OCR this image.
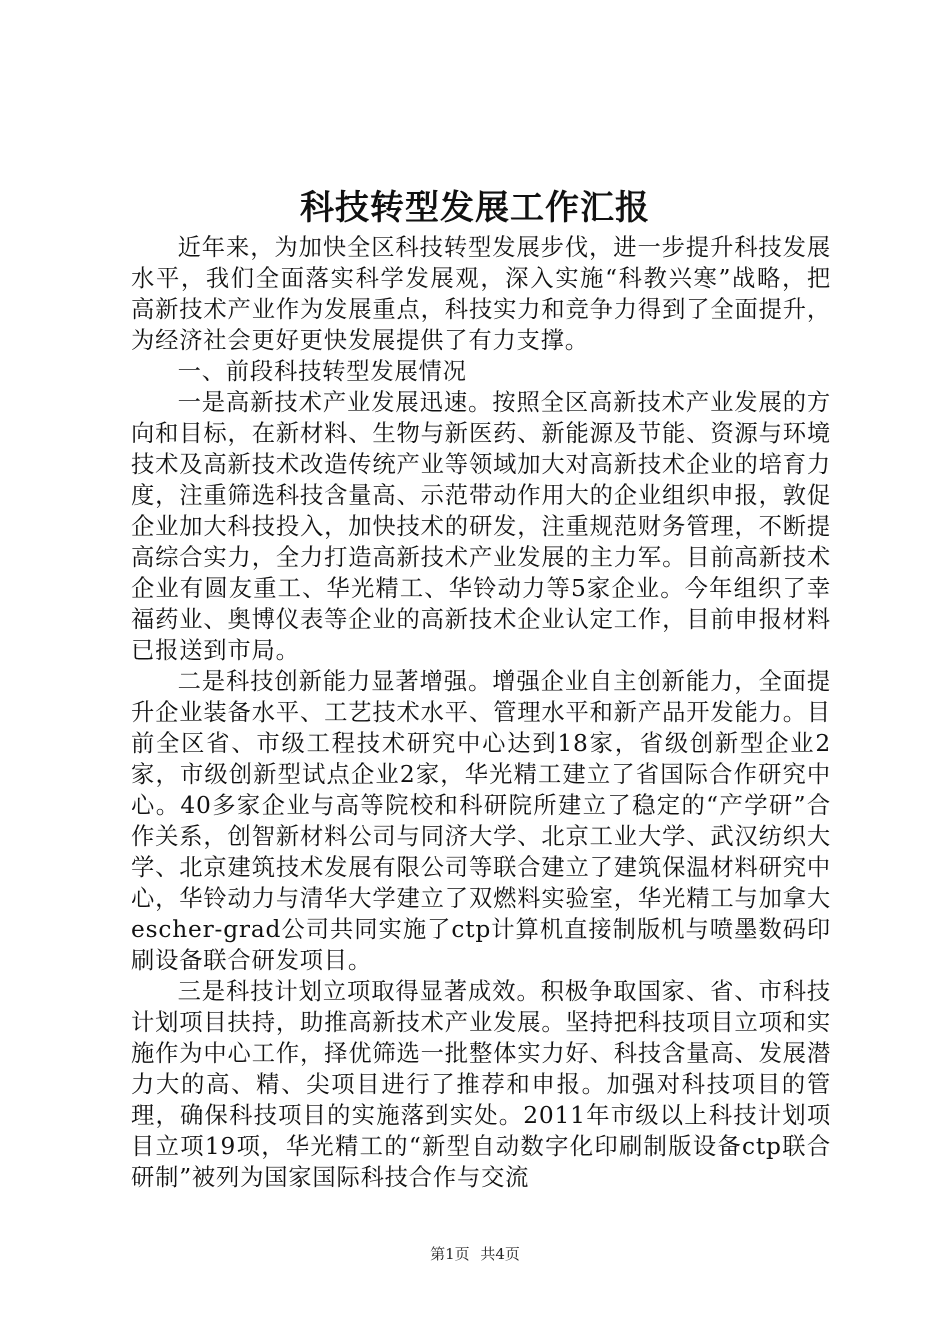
科技转型发展工作汇报

近年来，为加快全区科技转型发展步伐，进一步提升科技发展水平，我们全面落实科学发展观，深入实施“科教兴寒”战略，把高新技术产业作为发展重点，科技实力和竞争力得到了全面提升，为经济社会更好更快发展提供了有力支撑。

一、前段科技转型发展情况

一是高新技术产业发展迅速。按照全区高新技术产业发展的方向和目标，在新材料、生物与新医药、新能源及节能、资源与环境技术及高新技术改造传统产业等领域加大对高新技术企业的培育力度，注重筛选科技含量高、示范带动作用大的企业组织申报，敦促企业加大科技投入，加快技术的研发，注重规范财务管理，不断提高综合实力，全力打造高新技术产业发展的主力军。目前高新技术企业有圆友重工、华光精工、华铃动力等5家企业。今年组织了幸福药业、奥博仪表等企业的高新技术企业认定工作，目前申报材料已报送到市局。

二是科技创新能力显著增强。增强企业自主创新能力，全面提升企业装备水平、工艺技术水平、管理水平和新产品开发能力。目前全区省、市级工程技术研究中心达到18家，省级创新型企业2家，市级创新型试点企业2家，华光精工建立了省国际合作研究中心。40多家企业与高等院校和科研院所建立了稳定的“产学研”合作关系，创智新材料公司与同济大学、北京工业大学、武汉纺织大学、北京建筑技术发展有限公司等联合建立了建筑保温材料研究中心，华铃动力与清华大学建立了双燃料实验室，华光精工与加拿大escher-grad公司共同实施了ctp计算机直接制版机与喷墨数码印刷设备联合研发项目。

三是科技计划立项取得显著成效。积极争取国家、省、市科技计划项目扶持，助推高新技术产业发展。坚持把科技项目立项和实施作为中心工作，择优筛选一批整体实力好、科技含量高、发展潜力大的高、精、尖项目进行了推荐和申报。加强对科技项目的管理，确保科技项目的实施落到实处。2011年市级以上科技计划项目立项19项，华光精工的“新型自动数字化印刷制版设备ctp联合研制”被列为国家国际科技合作与交流

第1页 共4页
